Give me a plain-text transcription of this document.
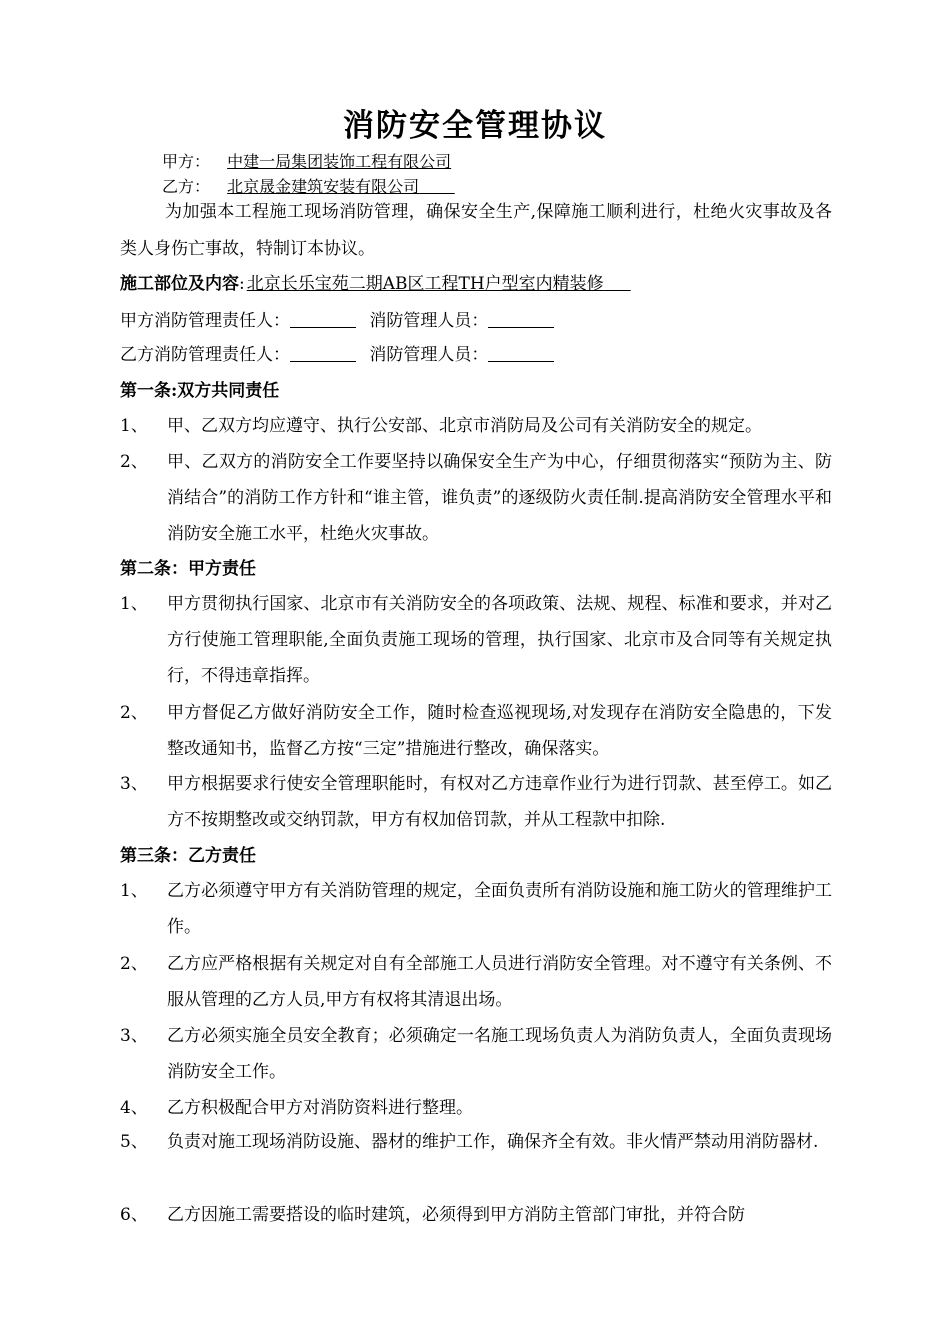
消防安全管理协议
甲方： 中建一局集团装饰工程有限公司
乙方： 北京晟金建筑安装有限公司
为加强本工程施工现场消防管理，确保安全生产,保障施工顺利进行，杜绝火灾事故及各类人身伤亡事故，特制订本协议。
施工部位及内容: 北京长乐宝苑二期AB区工程TH户型室内精装修
甲方消防管理责任人：	消防管理人员：
乙方消防管理责任人：	消防管理人员：
第一条:双方共同责任
1、 甲、乙双方均应遵守、执行公安部、北京市消防局及公司有关消防安全的规定。
2、 甲、乙双方的消防安全工作要坚持以确保安全生产为中心，仔细贯彻落实“预防为主、防消结合”的消防工作方针和“谁主管，谁负责”的逐级防火责任制.提高消防安全管理水平和消防安全施工水平，杜绝火灾事故。
第二条：甲方责任
1、 甲方贯彻执行国家、北京市有关消防安全的各项政策、法规、规程、标准和要求，并对乙方行使施工管理职能,全面负责施工现场的管理，执行国家、北京市及合同等有关规定执行，不得违章指挥。
2、 甲方督促乙方做好消防安全工作，随时检查巡视现场,对发现存在消防安全隐患的，下发整改通知书，监督乙方按“三定”措施进行整改，确保落实。
3、 甲方根据要求行使安全管理职能时，有权对乙方违章作业行为进行罚款、甚至停工。如乙方不按期整改或交纳罚款，甲方有权加倍罚款，并从工程款中扣除.
第三条：乙方责任
1、 乙方必须遵守甲方有关消防管理的规定，全面负责所有消防设施和施工防火的管理维护工作。
2、 乙方应严格根据有关规定对自有全部施工人员进行消防安全管理。对不遵守有关条例、不服从管理的乙方人员,甲方有权将其清退出场。
3、 乙方必须实施全员安全教育；必须确定一名施工现场负责人为消防负责人，全面负责现场消防安全工作。
4、 乙方积极配合甲方对消防资料进行整理。
5、 负责对施工现场消防设施、器材的维护工作，确保齐全有效。非火情严禁动用消防器材.
6、 乙方因施工需要搭设的临时建筑，必须得到甲方消防主管部门审批，并符合防
